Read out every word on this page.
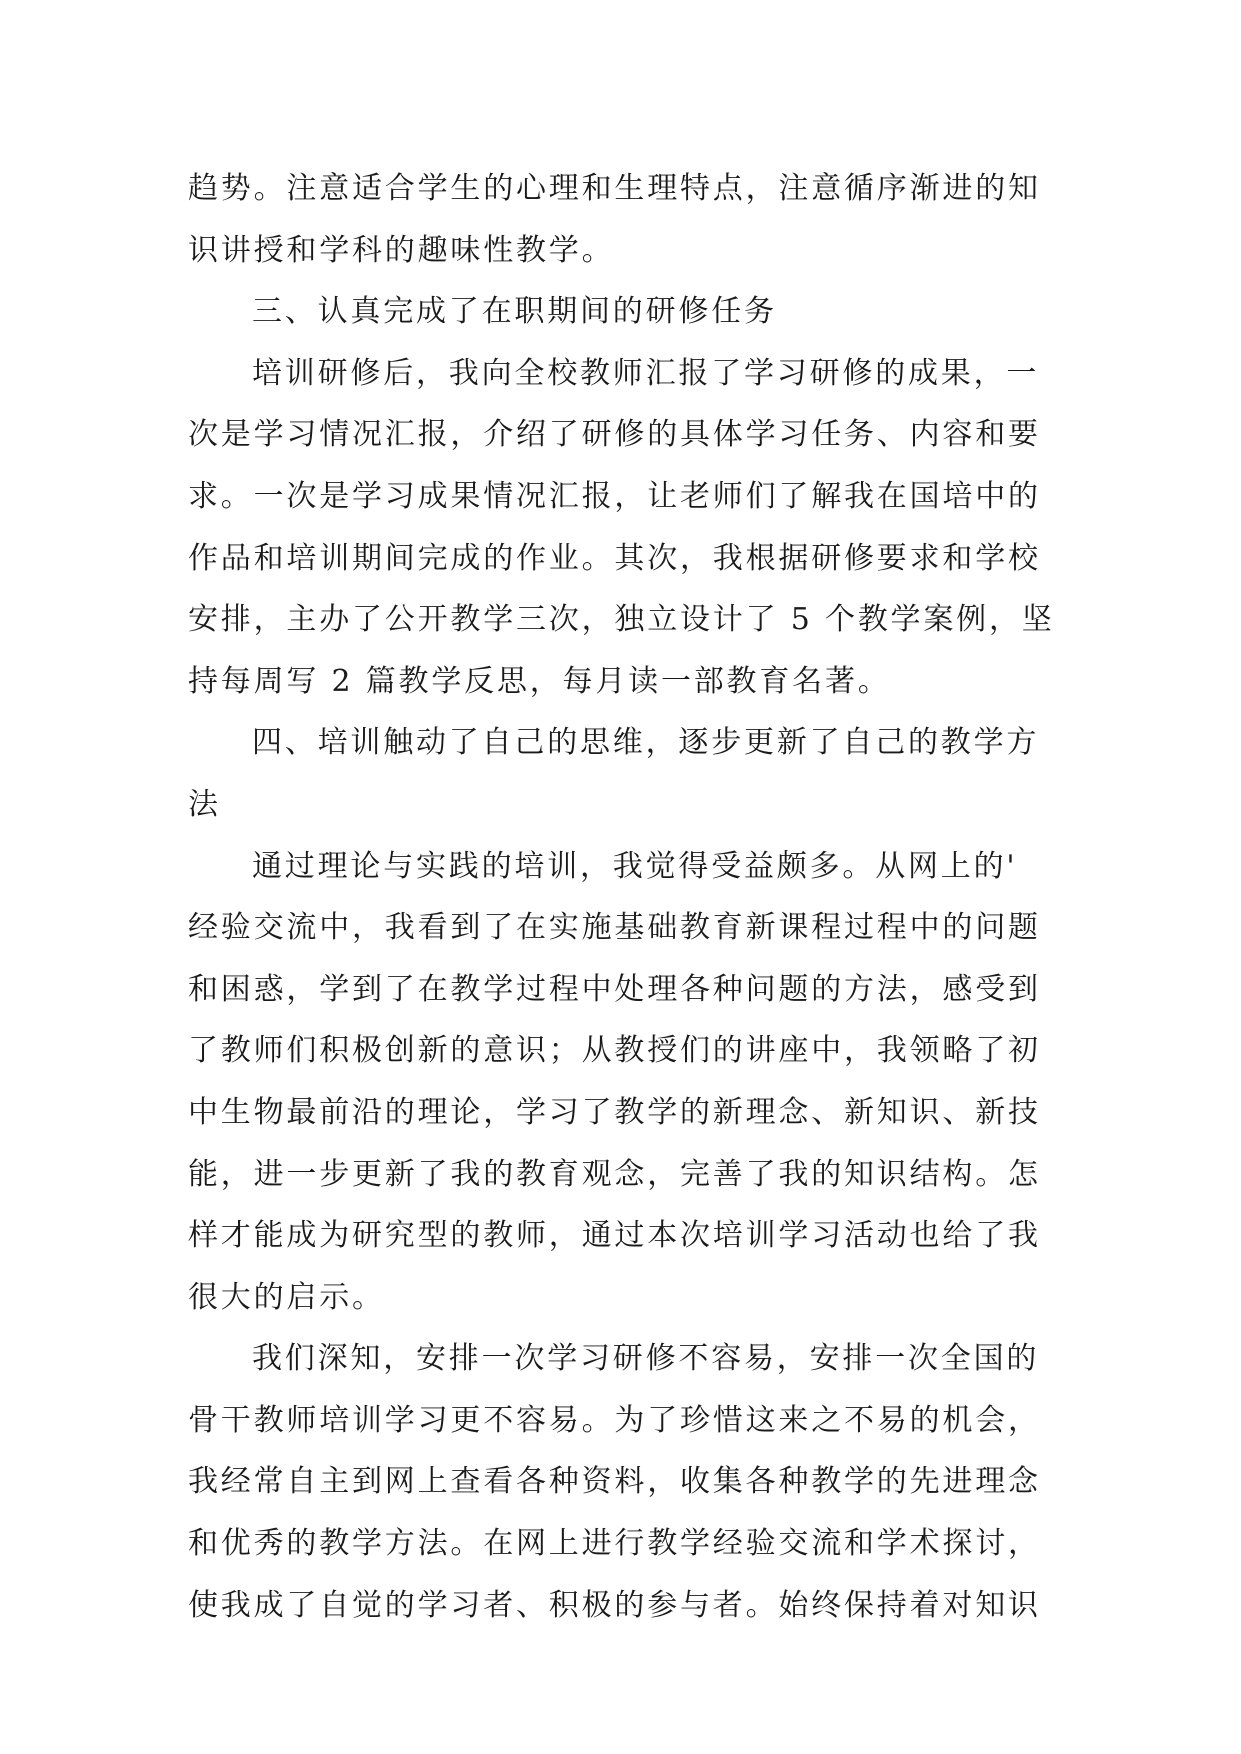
趋势。注意适合学生的心理和生理特点，注意循序渐进的知
识讲授和学科的趣味性教学。
三、认真完成了在职期间的研修任务
培训研修后，我向全校教师汇报了学习研修的成果，一
次是学习情况汇报，介绍了研修的具体学习任务、内容和要
求。一次是学习成果情况汇报，让老师们了解我在国培中的
作品和培训期间完成的作业。其次，我根据研修要求和学校
安排，主办了公开教学三次，独立设计了 5 个教学案例，坚
持每周写 2 篇教学反思，每月读一部教育名著。
四、培训触动了自己的思维，逐步更新了自己的教学方
法
通过理论与实践的培训，我觉得受益颇多。从网上的'
经验交流中，我看到了在实施基础教育新课程过程中的问题
和困惑，学到了在教学过程中处理各种问题的方法，感受到
了教师们积极创新的意识；从教授们的讲座中，我领略了初
中生物最前沿的理论，学习了教学的新理念、新知识、新技
能，进一步更新了我的教育观念，完善了我的知识结构。怎
样才能成为研究型的教师，通过本次培训学习活动也给了我
很大的启示。
我们深知，安排一次学习研修不容易，安排一次全国的
骨干教师培训学习更不容易。为了珍惜这来之不易的机会，
我经常自主到网上查看各种资料，收集各种教学的先进理念
和优秀的教学方法。在网上进行教学经验交流和学术探讨，
使我成了自觉的学习者、积极的参与者。始终保持着对知识
